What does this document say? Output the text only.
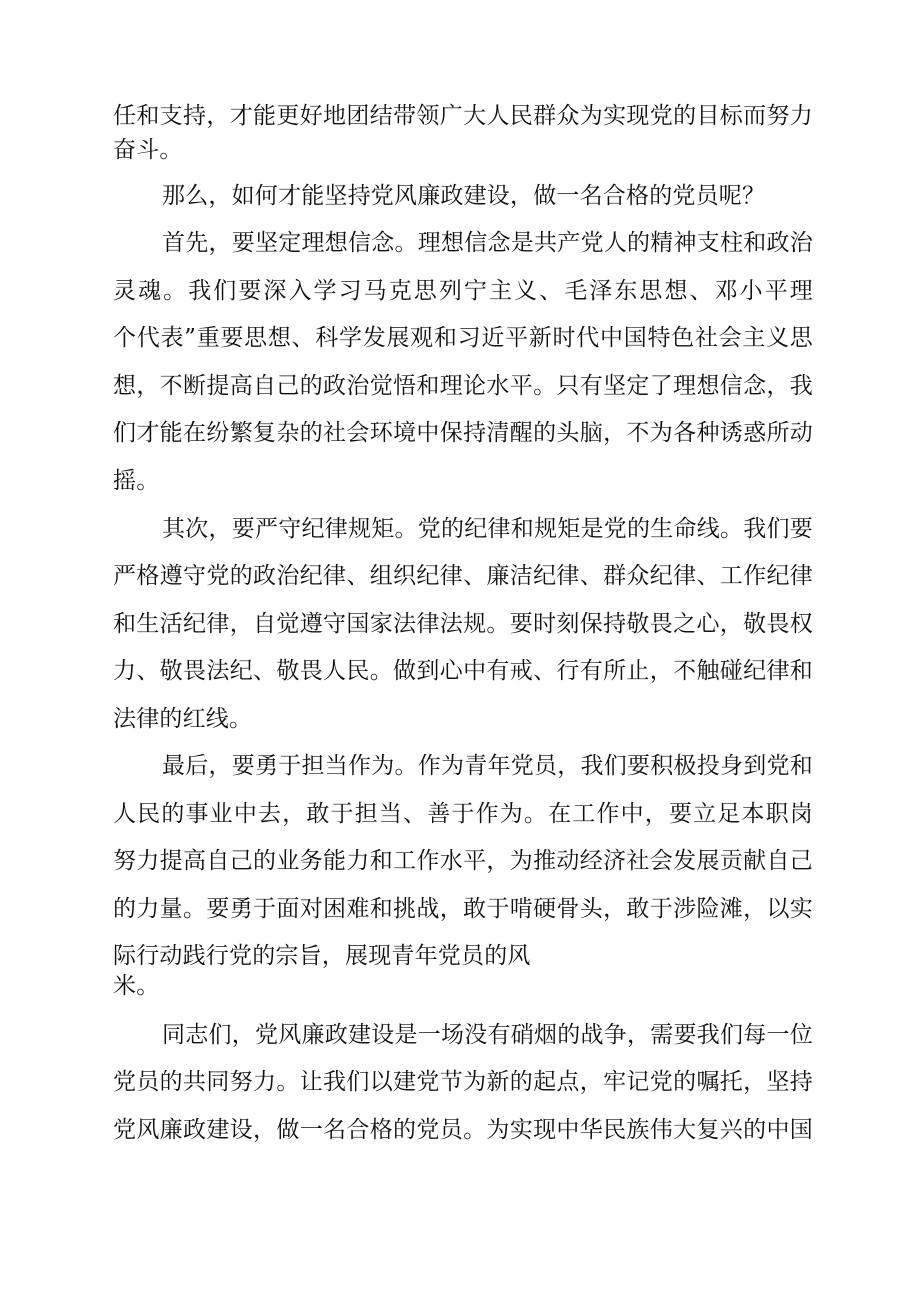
任和支持，才能更好地团结带领广大人民群众为实现党的目标而努力

奋斗。

那么，如何才能坚持党风廉政建设，做一名合格的党员呢？

首先，要坚定理想信念。理想信念是共产党人的精神支柱和政治

灵魂。我们要深入学习马克思列宁主义、毛泽东思想、邓小平理

个代表”重要思想、科学发展观和习近平新时代中国特色社会主义思

想，不断提高自己的政治觉悟和理论水平。只有坚定了理想信念，我

们才能在纷繁复杂的社会环境中保持清醒的头脑，不为各种诱惑所动

摇。

其次，要严守纪律规矩。党的纪律和规矩是党的生命线。我们要

严格遵守党的政治纪律、组织纪律、廉洁纪律、群众纪律、工作纪律

和生活纪律，自觉遵守国家法律法规。要时刻保持敬畏之心，敬畏权

力、敬畏法纪、敬畏人民。做到心中有戒、行有所止，不触碰纪律和

法律的红线。

最后，要勇于担当作为。作为青年党员，我们要积极投身到党和

人民的事业中去，敢于担当、善于作为。在工作中，要立足本职岗

努力提高自己的业务能力和工作水平，为推动经济社会发展贡献自己

的力量。要勇于面对困难和挑战，敢于啃硬骨头，敢于涉险滩，以实

际行动践行党的宗旨，展现青年党员的风

米。

同志们，党风廉政建设是一场没有硝烟的战争，需要我们每一位

党员的共同努力。让我们以建党节为新的起点，牢记党的嘱托，坚持

党风廉政建设，做一名合格的党员。为实现中华民族伟大复兴的中国
